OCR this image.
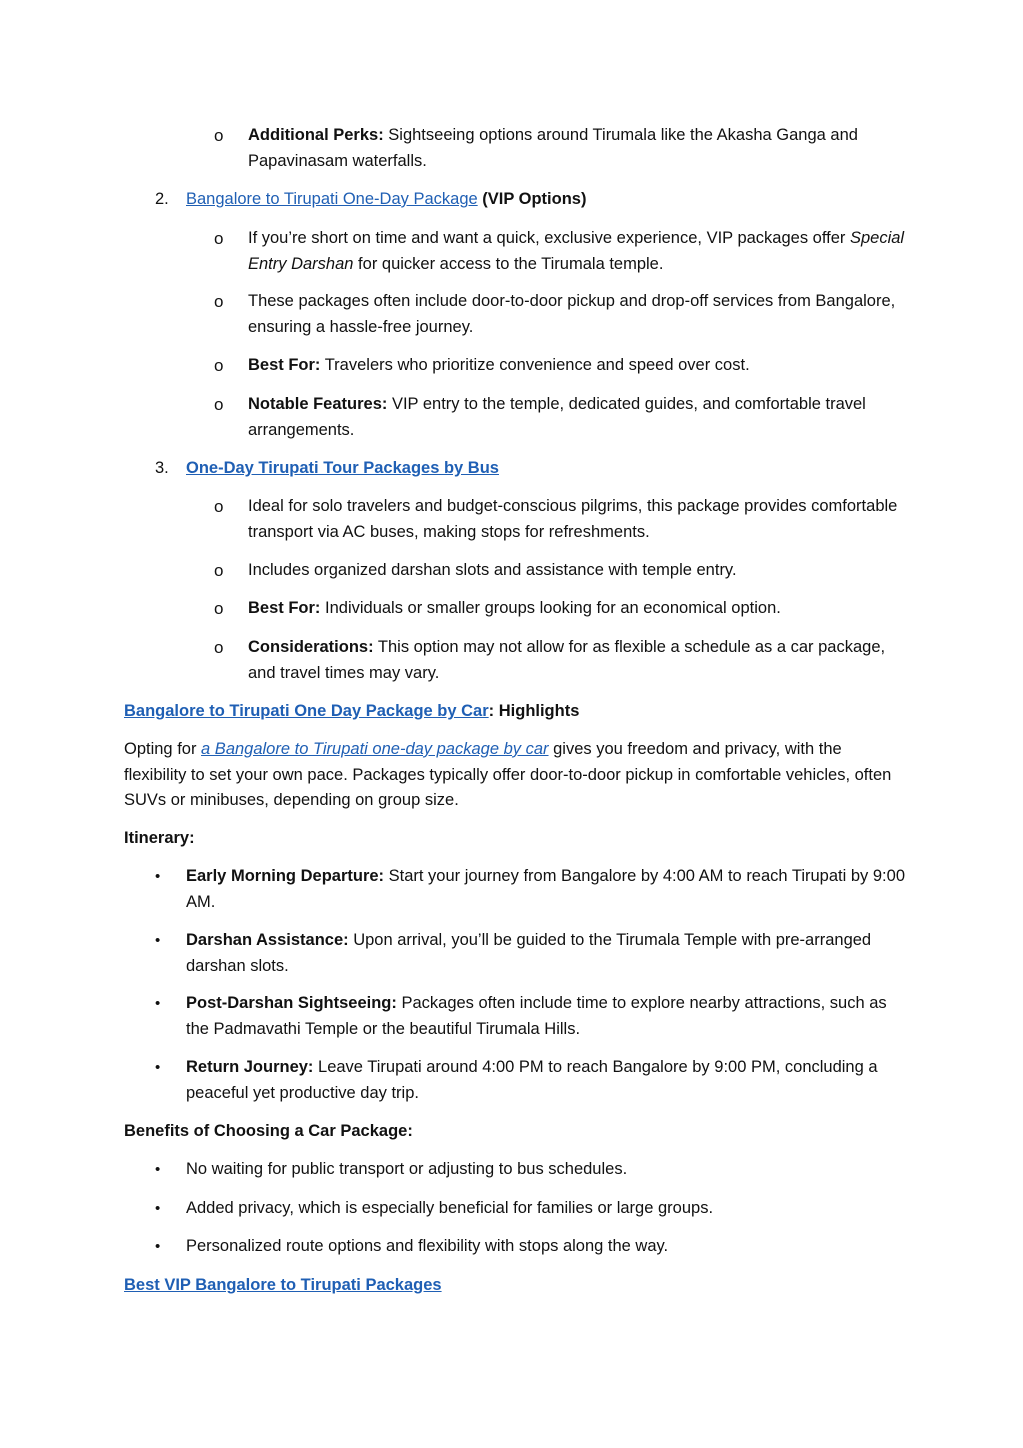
o Additional Perks: Sightseeing options around Tirumala like the Akasha Ganga and Papavinasam waterfalls.
2. Bangalore to Tirupati One-Day Package (VIP Options)
o If you’re short on time and want a quick, exclusive experience, VIP packages offer Special Entry Darshan for quicker access to the Tirumala temple.
o These packages often include door-to-door pickup and drop-off services from Bangalore, ensuring a hassle-free journey.
o Best For: Travelers who prioritize convenience and speed over cost.
o Notable Features: VIP entry to the temple, dedicated guides, and comfortable travel arrangements.
3. One-Day Tirupati Tour Packages by Bus
o Ideal for solo travelers and budget-conscious pilgrims, this package provides comfortable transport via AC buses, making stops for refreshments.
o Includes organized darshan slots and assistance with temple entry.
o Best For: Individuals or smaller groups looking for an economical option.
o Considerations: This option may not allow for as flexible a schedule as a car package, and travel times may vary.
Bangalore to Tirupati One Day Package by Car: Highlights
Opting for a Bangalore to Tirupati one-day package by car gives you freedom and privacy, with the flexibility to set your own pace. Packages typically offer door-to-door pickup in comfortable vehicles, often SUVs or minibuses, depending on group size.
Itinerary:
• Early Morning Departure: Start your journey from Bangalore by 4:00 AM to reach Tirupati by 9:00 AM.
• Darshan Assistance: Upon arrival, you’ll be guided to the Tirumala Temple with pre-arranged darshan slots.
• Post-Darshan Sightseeing: Packages often include time to explore nearby attractions, such as the Padmavathi Temple or the beautiful Tirumala Hills.
• Return Journey: Leave Tirupati around 4:00 PM to reach Bangalore by 9:00 PM, concluding a peaceful yet productive day trip.
Benefits of Choosing a Car Package:
• No waiting for public transport or adjusting to bus schedules.
• Added privacy, which is especially beneficial for families or large groups.
• Personalized route options and flexibility with stops along the way.
Best VIP Bangalore to Tirupati Packages
